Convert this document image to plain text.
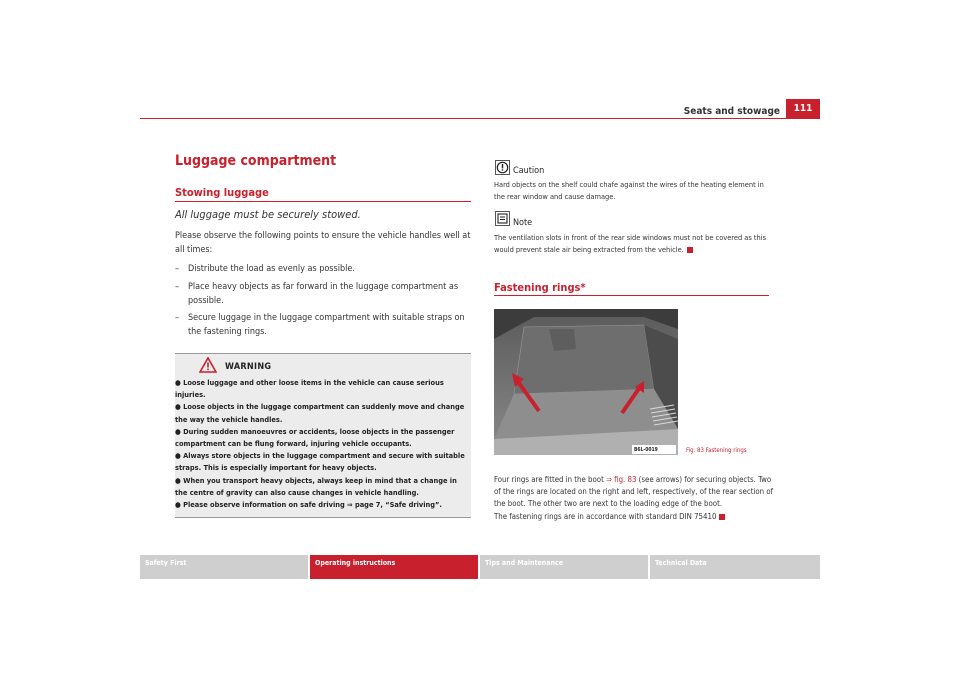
Seats and stowage	111
Luggage compartment
Stowing luggage
All luggage must be securely stowed.
Please observe the following points to ensure the vehicle handles well at all times:
– Distribute the load as evenly as possible.
– Place heavy objects as far forward in the luggage compartment as possible.
– Secure luggage in the luggage compartment with suitable straps on the fastening rings.
WARNING
● Loose luggage and other loose items in the vehicle can cause serious injuries.
● Loose objects in the luggage compartment can suddenly move and change the way the vehicle handles.
● During sudden manoeuvres or accidents, loose objects in the passenger compartment can be flung forward, injuring vehicle occupants.
● Always store objects in the luggage compartment and secure with suitable straps. This is especially important for heavy objects.
● When you transport heavy objects, always keep in mind that a change in the centre of gravity can also cause changes in vehicle handling.
● Please observe information on safe driving ⇒ page 7, “Safe driving”.
Caution
Hard objects on the shelf could chafe against the wires of the heating element in the rear window and cause damage.
Note
The ventilation slots in front of the rear side windows must not be covered as this would prevent stale air being extracted from the vehicle.
Fastening rings*
B6L-0019	Fig. 83 Fastening rings
Four rings are fitted in the boot ⇒ fig. 83 (see arrows) for securing objects. Two of the rings are located on the right and left, respectively, of the rear section of the boot. The other two are next to the loading edge of the boot.
The fastening rings are in accordance with standard DIN 75410
Safety First	Operating instructions	Tips and Maintenance	Technical Data
